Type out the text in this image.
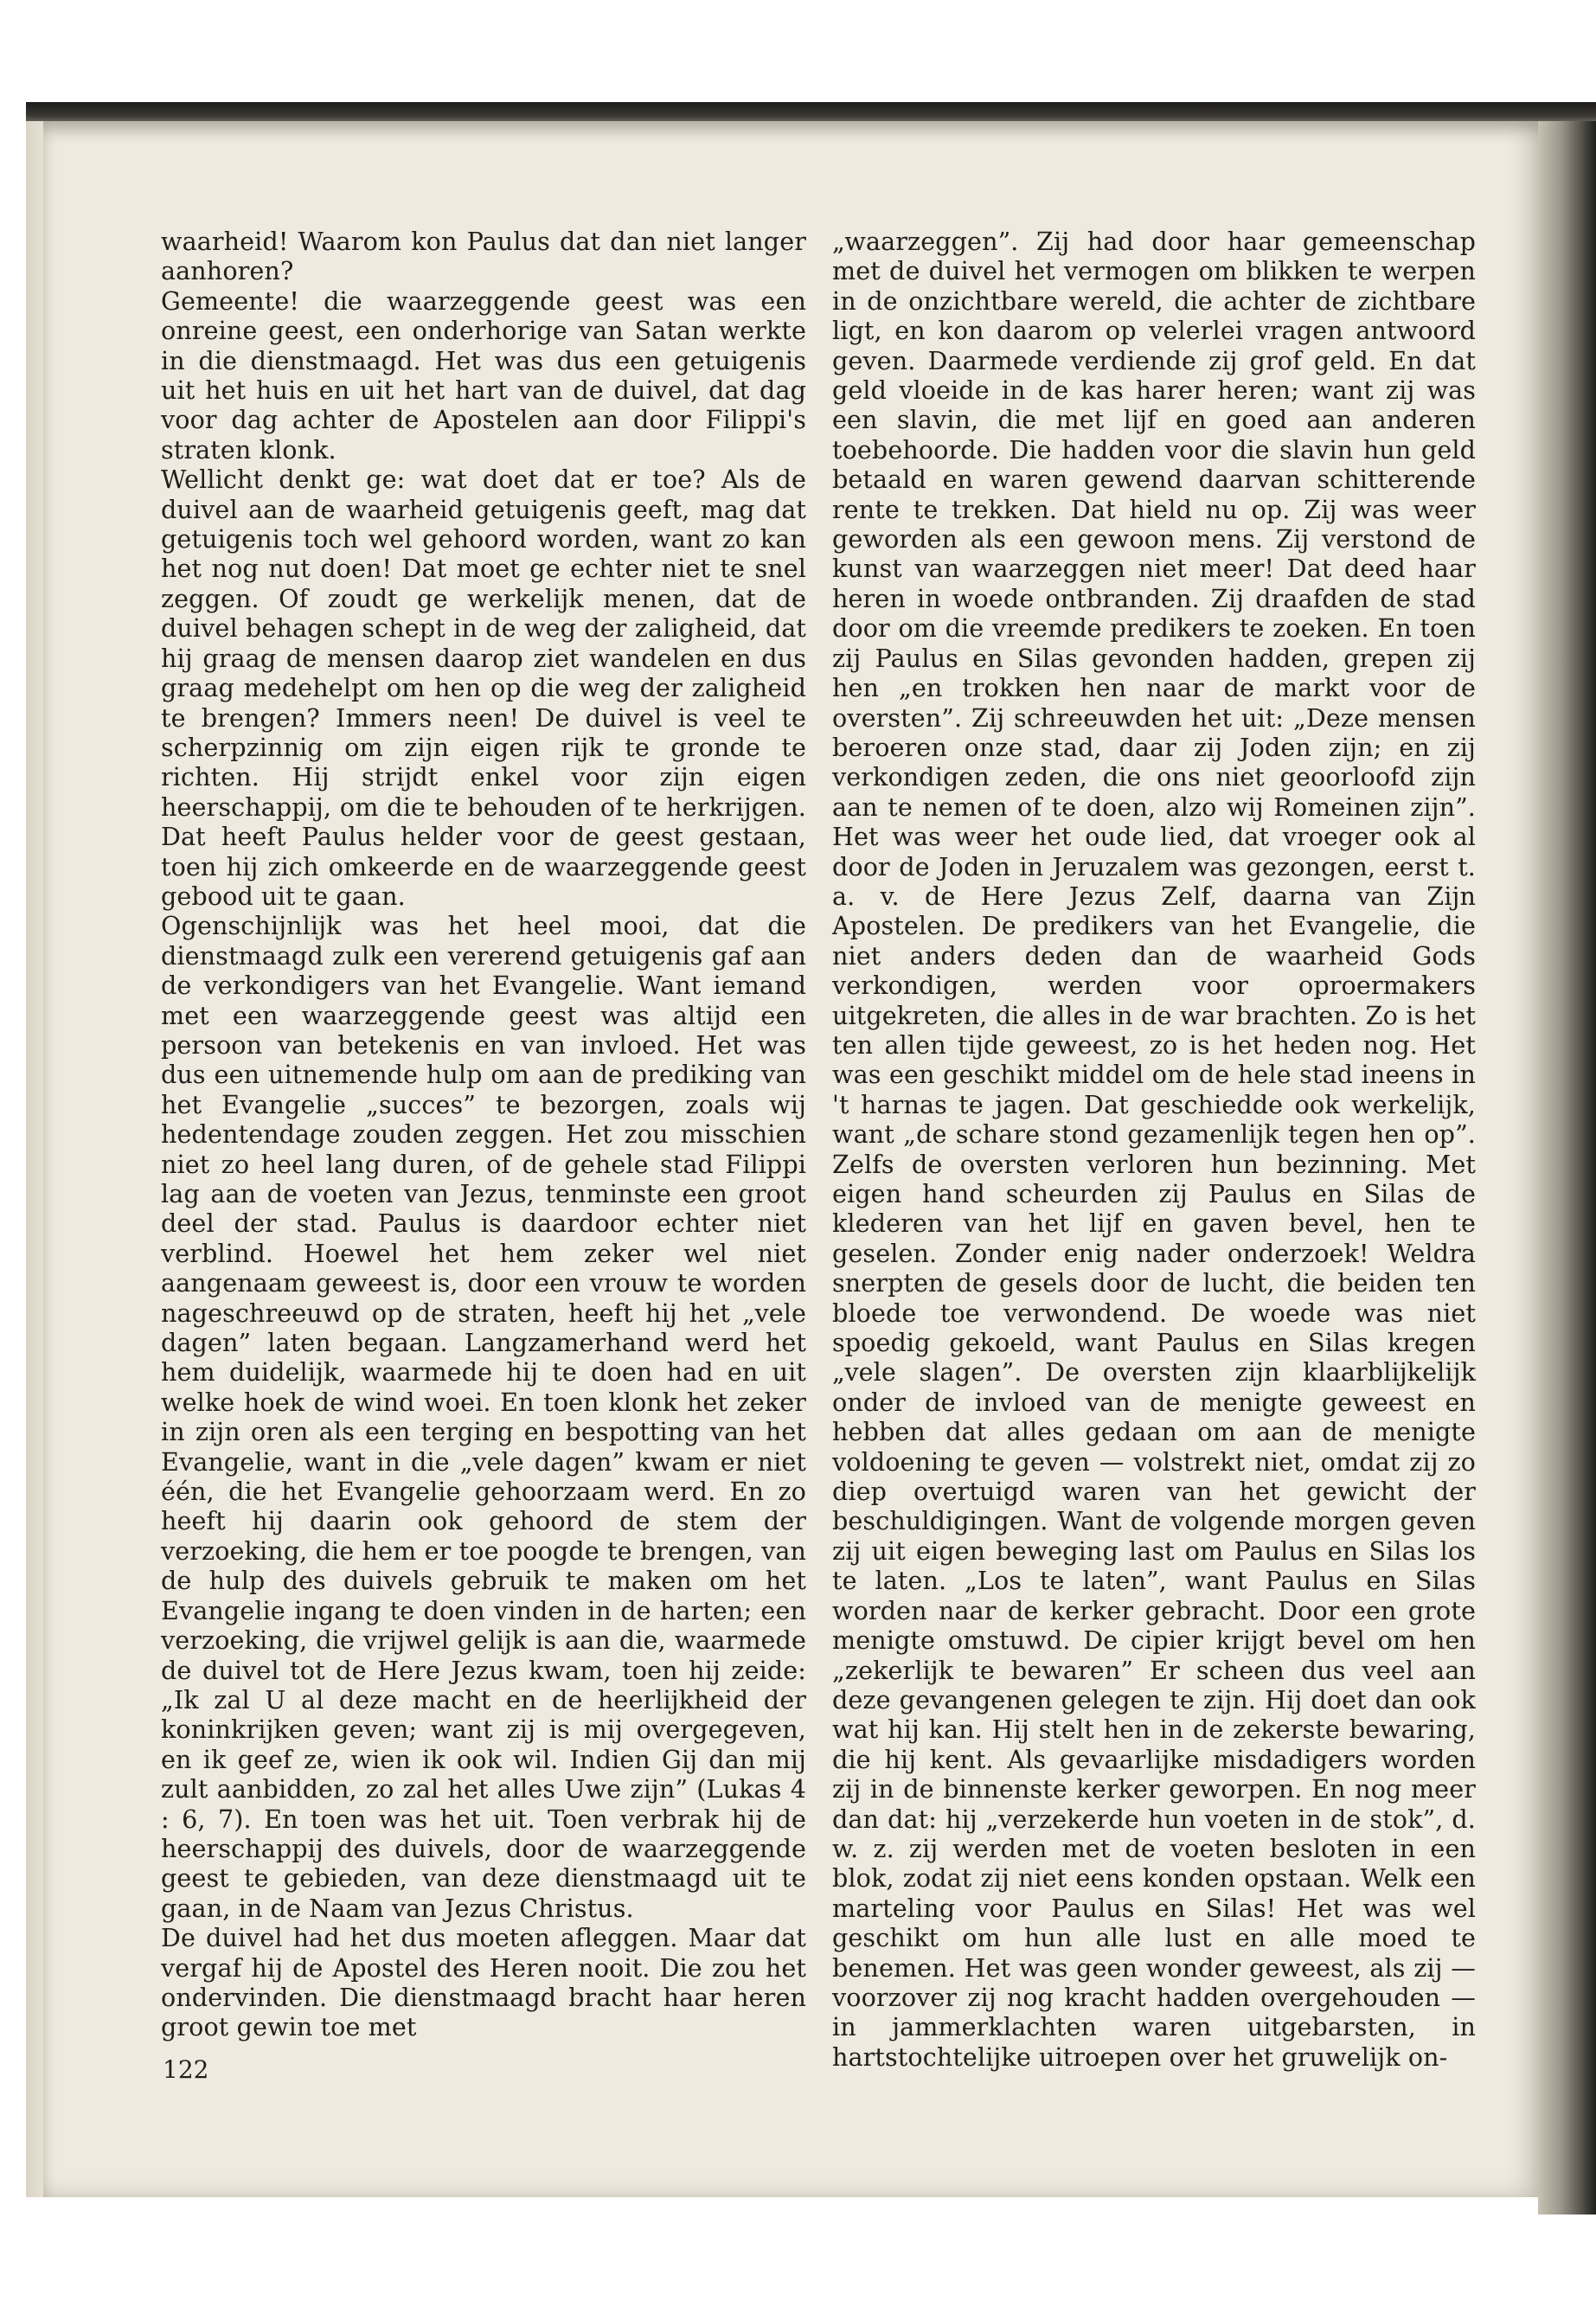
waarheid! Waarom kon Paulus dat dan niet langer aanhoren?
Gemeente! die waarzeggende geest was een onreine geest, een onderhorige van Satan werkte in die dienstmaagd. Het was dus een getuigenis uit het huis en uit het hart van de duivel, dat dag voor dag achter de Apostelen aan door Filippi's straten klonk.
Wellicht denkt ge: wat doet dat er toe? Als de duivel aan de waarheid getuigenis geeft, mag dat getuigenis toch wel gehoord worden, want zo kan het nog nut doen! Dat moet ge echter niet te snel zeggen. Of zoudt ge werkelijk menen, dat de duivel behagen schept in de weg der zaligheid, dat hij graag de mensen daarop ziet wandelen en dus graag medehelpt om hen op die weg der zaligheid te brengen? Immers neen! De duivel is veel te scherpzinnig om zijn eigen rijk te gronde te richten. Hij strijdt enkel voor zijn eigen heerschappij, om die te behouden of te herkrijgen. Dat heeft Paulus helder voor de geest gestaan, toen hij zich omkeerde en de waarzeggende geest gebood uit te gaan.
Ogenschijnlijk was het heel mooi, dat die dienstmaagd zulk een vererend getuigenis gaf aan de verkondigers van het Evangelie. Want iemand met een waarzeggende geest was altijd een persoon van betekenis en van invloed. Het was dus een uitnemende hulp om aan de prediking van het Evangelie „succes” te bezorgen, zoals wij hedentendage zouden zeggen. Het zou misschien niet zo heel lang duren, of de gehele stad Filippi lag aan de voeten van Jezus, tenminste een groot deel der stad. Paulus is daardoor echter niet verblind. Hoewel het hem zeker wel niet aangenaam geweest is, door een vrouw te worden nageschreeuwd op de straten, heeft hij het „vele dagen” laten begaan. Langzamerhand werd het hem duidelijk, waarmede hij te doen had en uit welke hoek de wind woei. En toen klonk het zeker in zijn oren als een terging en bespotting van het Evangelie, want in die „vele dagen” kwam er niet één, die het Evangelie gehoorzaam werd. En zo heeft hij daarin ook gehoord de stem der verzoeking, die hem er toe poogde te brengen, van de hulp des duivels gebruik te maken om het Evangelie ingang te doen vinden in de harten; een verzoeking, die vrijwel gelijk is aan die, waarmede de duivel tot de Here Jezus kwam, toen hij zeide: „Ik zal U al deze macht en de heerlijkheid der koninkrijken geven; want zij is mij overgegeven, en ik geef ze, wien ik ook wil. Indien Gij dan mij zult aanbidden, zo zal het alles Uwe zijn” (Lukas 4 : 6, 7). En toen was het uit. Toen verbrak hij de heerschappij des duivels, door de waarzeggende geest te gebieden, van deze dienstmaagd uit te gaan, in de Naam van Jezus Christus.
De duivel had het dus moeten afleggen. Maar dat vergaf hij de Apostel des Heren nooit. Die zou het ondervinden. Die dienstmaagd bracht haar heren groot gewin toe met
„waarzeggen”. Zij had door haar gemeenschap met de duivel het vermogen om blikken te werpen in de onzichtbare wereld, die achter de zichtbare ligt, en kon daarom op velerlei vragen antwoord geven. Daarmede verdiende zij grof geld. En dat geld vloeide in de kas harer heren; want zij was een slavin, die met lijf en goed aan anderen toebehoorde. Die hadden voor die slavin hun geld betaald en waren gewend daarvan schitterende rente te trekken. Dat hield nu op. Zij was weer geworden als een gewoon mens. Zij verstond de kunst van waarzeggen niet meer! Dat deed haar heren in woede ontbranden. Zij draafden de stad door om die vreemde predikers te zoeken. En toen zij Paulus en Silas gevonden hadden, grepen zij hen „en trokken hen naar de markt voor de oversten”. Zij schreeuwden het uit: „Deze mensen beroeren onze stad, daar zij Joden zijn; en zij verkondigen zeden, die ons niet geoorloofd zijn aan te nemen of te doen, alzo wij Romeinen zijn”. Het was weer het oude lied, dat vroeger ook al door de Joden in Jeruzalem was gezongen, eerst t. a. v. de Here Jezus Zelf, daarna van Zijn Apostelen. De predikers van het Evangelie, die niet anders deden dan de waarheid Gods verkondigen, werden voor oproermakers uitgekreten, die alles in de war brachten. Zo is het ten allen tijde geweest, zo is het heden nog. Het was een geschikt middel om de hele stad ineens in 't harnas te jagen. Dat geschiedde ook werkelijk, want „de schare stond gezamenlijk tegen hen op”. Zelfs de oversten verloren hun bezinning. Met eigen hand scheurden zij Paulus en Silas de klederen van het lijf en gaven bevel, hen te geselen. Zonder enig nader onderzoek! Weldra snerpten de gesels door de lucht, die beiden ten bloede toe verwondend. De woede was niet spoedig gekoeld, want Paulus en Silas kregen „vele slagen”. De oversten zijn klaarblijkelijk onder de invloed van de menigte geweest en hebben dat alles gedaan om aan de menigte voldoening te geven — volstrekt niet, omdat zij zo diep overtuigd waren van het gewicht der beschuldigingen. Want de volgende morgen geven zij uit eigen beweging last om Paulus en Silas los te laten. „Los te laten”, want Paulus en Silas worden naar de kerker gebracht. Door een grote menigte omstuwd. De cipier krijgt bevel om hen „zekerlijk te bewaren” Er scheen dus veel aan deze gevangenen gelegen te zijn. Hij doet dan ook wat hij kan. Hij stelt hen in de zekerste bewaring, die hij kent. Als gevaarlijke misdadigers worden zij in de binnenste kerker geworpen. En nog meer dan dat: hij „verzekerde hun voeten in de stok”, d. w. z. zij werden met de voeten besloten in een blok, zodat zij niet eens konden opstaan. Welk een marteling voor Paulus en Silas! Het was wel geschikt om hun alle lust en alle moed te benemen. Het was geen wonder geweest, als zij — voorzover zij nog kracht hadden overgehouden — in jammerklachten waren uitgebarsten, in hartstochtelijke uitroepen over het gruwelijk on-
122
